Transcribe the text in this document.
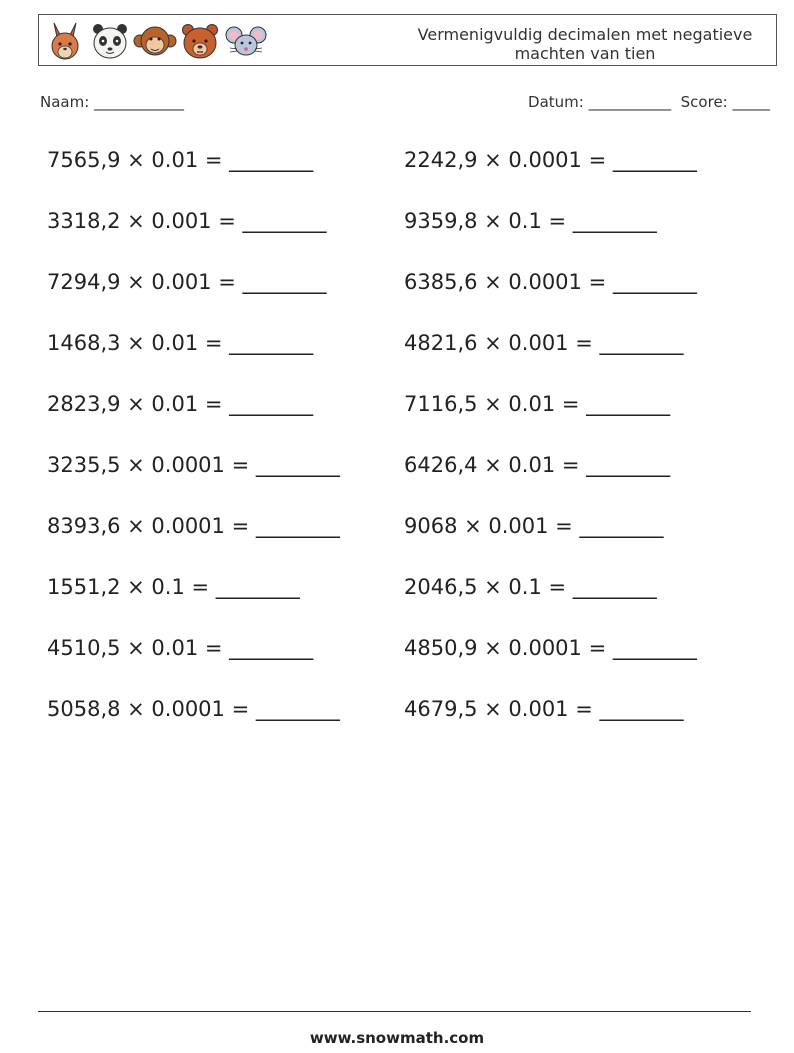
Vermenigvuldig decimalen met negatieve machten van tien
Naam: ____________	Datum: ___________ Score: _____
7565,9 × 0.01 = ________	2242,9 × 0.0001 = ________
3318,2 × 0.001 = ________	9359,8 × 0.1 = ________
7294,9 × 0.001 = ________	6385,6 × 0.0001 = ________
1468,3 × 0.01 = ________	4821,6 × 0.001 = ________
2823,9 × 0.01 = ________	7116,5 × 0.01 = ________
3235,5 × 0.0001 = ________	6426,4 × 0.01 = ________
8393,6 × 0.0001 = ________	9068 × 0.001 = ________
1551,2 × 0.1 = ________	2046,5 × 0.1 = ________
4510,5 × 0.01 = ________	4850,9 × 0.0001 = ________
5058,8 × 0.0001 = ________	4679,5 × 0.001 = ________
www.snowmath.com
